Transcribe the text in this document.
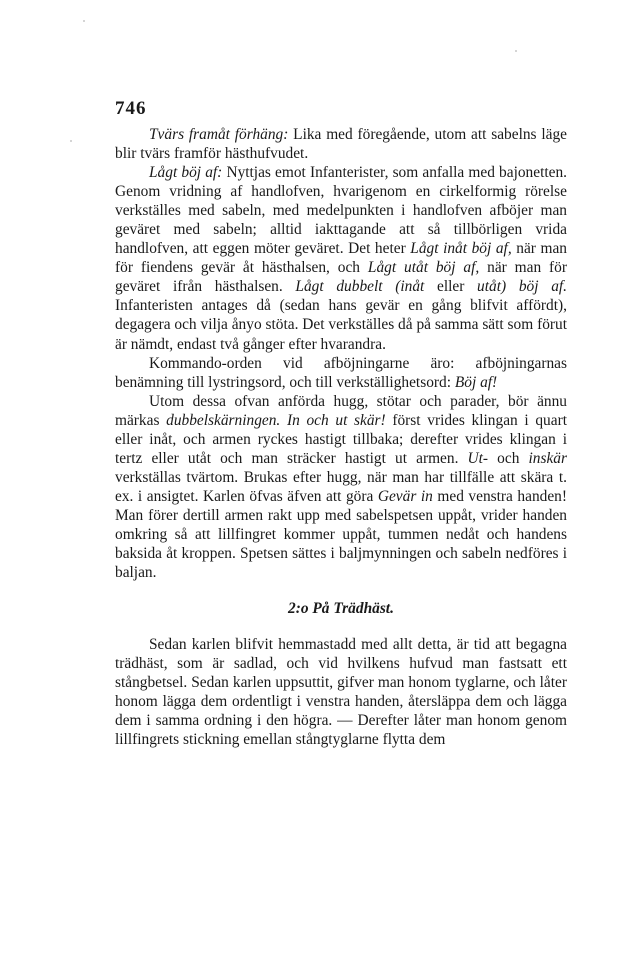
746

Tvärs framåt förhäng: Lika med föregående, utom att sabelns läge blir tvärs framför hästhufvudet.

Lågt böj af: Nyttjas emot Infanterister, som anfalla med bajonetten. Genom vridning af handlofven, hvarigenom en cirkelformig rörelse verkställes med sabeln, med medelpunkten i handlofven afböjer man geväret med sabeln; alltid iakttagande att så tillbörligen vrida handlofven, att eggen möter geväret. Det heter Lågt inåt böj af, när man för fiendens gevär åt hästhalsen, och Lågt utåt böj af, när man för geväret ifrån hästhalsen. Lågt dubbelt (inåt eller utåt) böj af. Infanteristen antages då (sedan hans gevär en gång blifvit affördt), degagera och vilja ånyo stöta. Det verkställes då på samma sätt som förut är nämdt, endast två gånger efter hvarandra.

Kommando-orden vid afböjningarne äro: afböjningarnas benämning till lystringsord, och till verkställighetsord: Böj af!

Utom dessa ofvan anförda hugg, stötar och parader, bör ännu märkas dubbelskärningen. In och ut skär! först vrides klingan i quart eller inåt, och armen ryckes hastigt tillbaka; derefter vrides klingan i tertz eller utåt och man sträcker hastigt ut armen. Ut- och inskär verkställas tvärtom. Brukas efter hugg, när man har tillfälle att skära t. ex. i ansigtet. Karlen öfvas äfven att göra Gevär in med venstra handen! Man förer dertill armen rakt upp med sabelspetsen uppåt, vrider handen omkring så att lillfingret kommer uppåt, tummen nedåt och handens baksida åt kroppen. Spetsen sättes i baljmynningen och sabeln nedföres i baljan.

2:o På Trädhäst.

Sedan karlen blifvit hemmastadd med allt detta, är tid att begagna trädhäst, som är sadlad, och vid hvilkens hufvud man fastsatt ett stångbetsel. Sedan karlen uppsuttit, gifver man honom tyglarne, och låter honom lägga dem ordentligt i venstra handen, återsläppa dem och lägga dem i samma ordning i den högra. — Derefter låter man honom genom lillfingrets stickning emellan stångtyglarne flytta dem
